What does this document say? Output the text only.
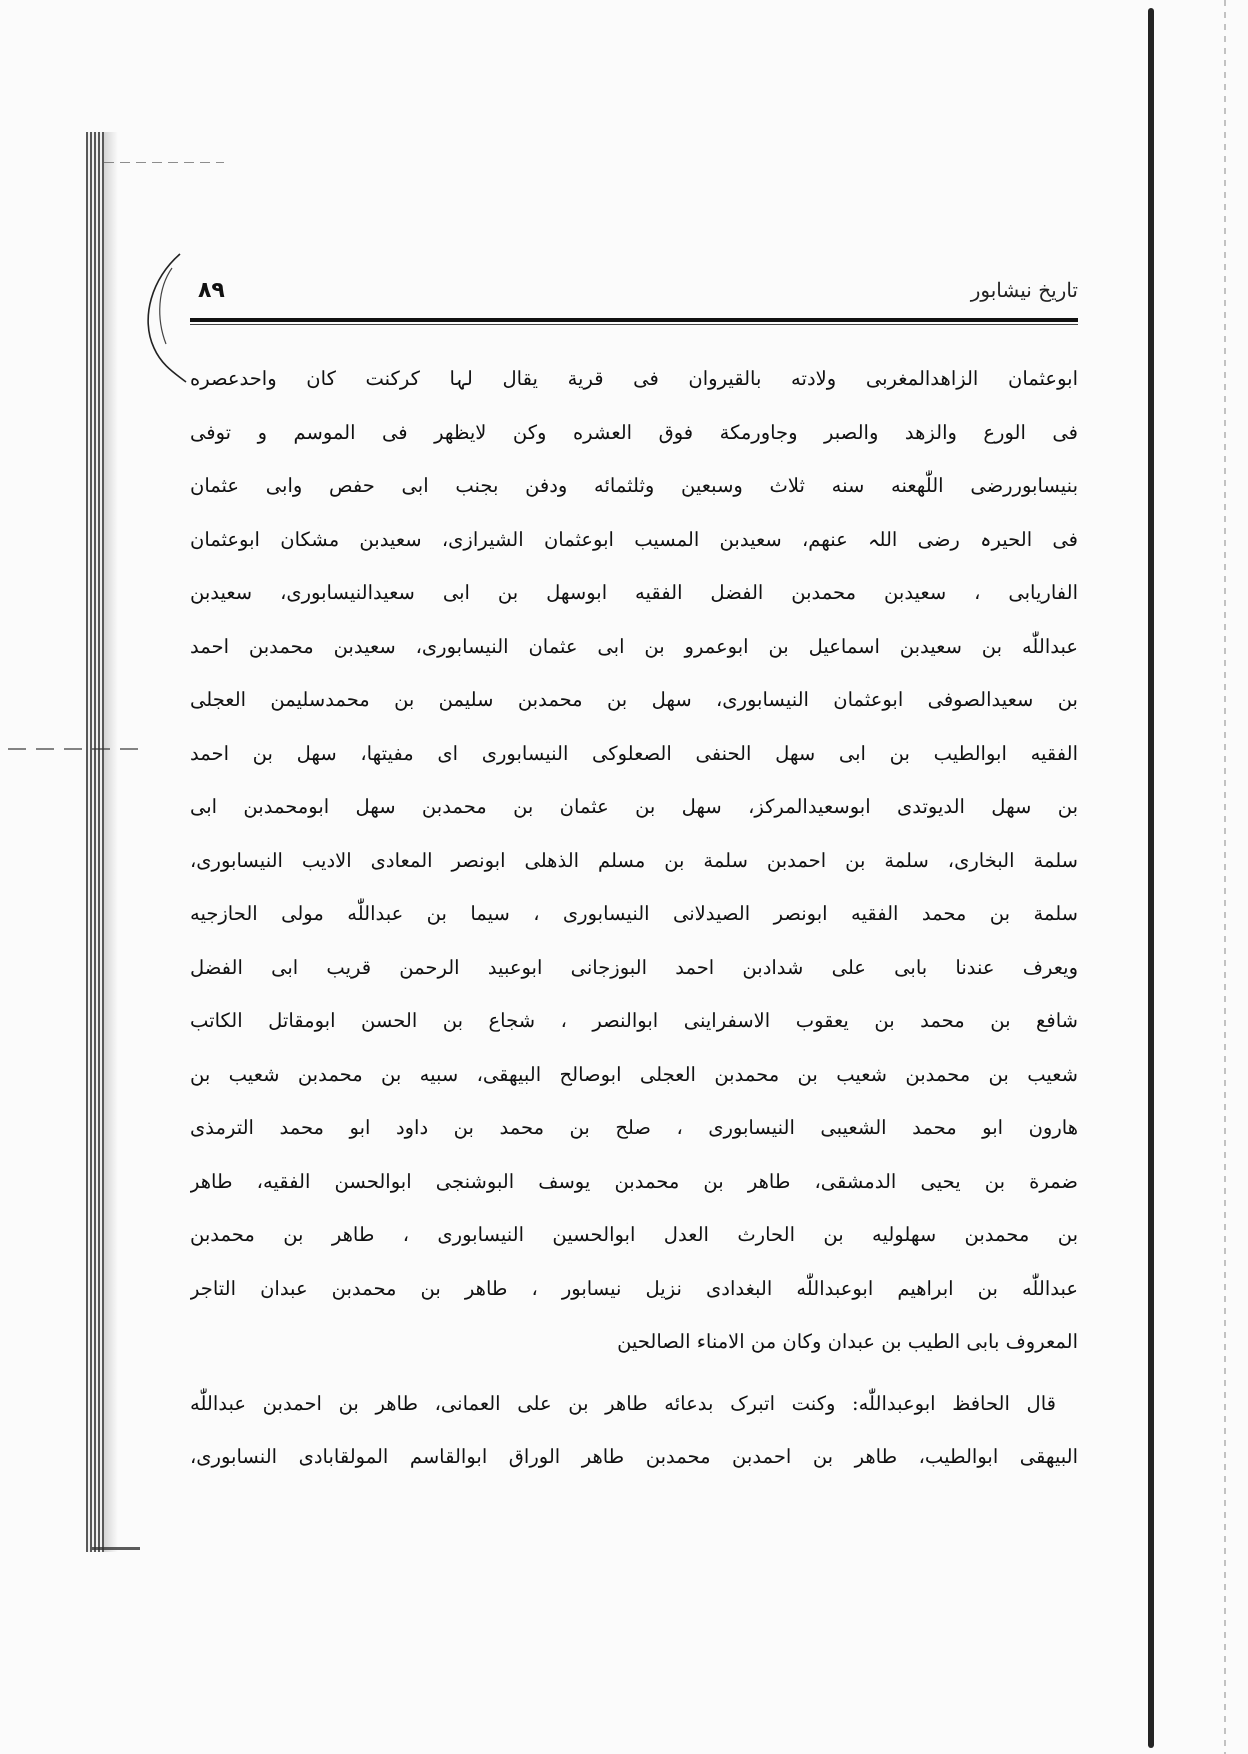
تاریخ نیشابور
۸۹
ابوعثمان الزاهدالمغربی ولادته بالقیروان فی قریة یقال لہا کرکنت کان واحدعصره
فی الورع والزهد والصبر وجاورمکة فوق العشره وکن لایظهر فی الموسم و توفی
بنیسابوررضی اللّٰهعنه سنه ثلاث وسبعین وثلثمائه ودفن بجنب ابی حفص وابی عثمان
فی الحیرہ رضی اللہ عنهم، سعیدبن المسیب ابوعثمان الشیرازی، سعیدبن مشکان ابوعثمان
الفاریابی ، سعیدبن محمدبن الفضل الفقیه ابوسهل بن ابی سعیدالنیسابوری، سعیدبن
عبداللّٰه بن سعیدبن اسماعیل بن ابوعمرو بن ابی عثمان النیسابوری، سعیدبن محمدبن احمد
بن سعیدالصوفی ابوعثمان النیسابوری، سهل بن محمدبن سلیمن بن محمدسلیمن العجلی
الفقیه ابوالطیب بن ابی سهل الحنفی الصعلوکی النیسابوری ای مفیتها، سهل بن احمد
بن سهل الدیوتدی ابوسعیدالمرکز، سهل بن عثمان بن محمدبن سهل ابومحمدبن ابی
سلمة البخاری، سلمة بن احمدبن سلمة بن مسلم الذهلی ابونصر المعادی الادیب النیسابوری،
سلمة بن محمد الفقیه ابونصر الصیدلانی النیسابوری ، سیما بن عبداللّٰه مولی الحازجیه
ویعرف عندنا بابی علی شدادبن احمد البوزجانی ابوعبید الرحمن قریب ابی الفضل
شافع بن محمد بن یعقوب الاسفراینی ابوالنصر ، شجاع بن الحسن ابومقاتل الکاتب
شعیب بن محمدبن شعیب بن محمدبن العجلی ابوصالح البیهقی، سبیه بن محمدبن شعیب بن
هارون ابو محمد الشعیبی النیسابوری ، صلح بن محمد بن داود ابو محمد الترمذی
ضمرة بن یحیی الدمشقی، طاهر بن محمدبن یوسف البوشنجی ابوالحسن الفقیه، طاهر
بن محمدبن سهلولیه بن الحارث العدل ابوالحسین النیسابوری ، طاهر بن محمدبن
عبداللّٰه بن ابراهیم ابوعبداللّٰه البغدادی نزیل نیسابور ، طاهر بن محمدبن عبدان التاجر
المعروف بابی الطیب بن عبدان وکان من الامناء الصالحین
قال الحافظ ابوعبداللّٰه: وکنت اتبرک بدعائه طاهر بن علی العمانی، طاهر بن احمدبن عبداللّٰه
البیهقی ابوالطیب، طاهر بن احمدبن محمدبن طاهر الوراق ابوالقاسم المولقابادی النسابوری،
